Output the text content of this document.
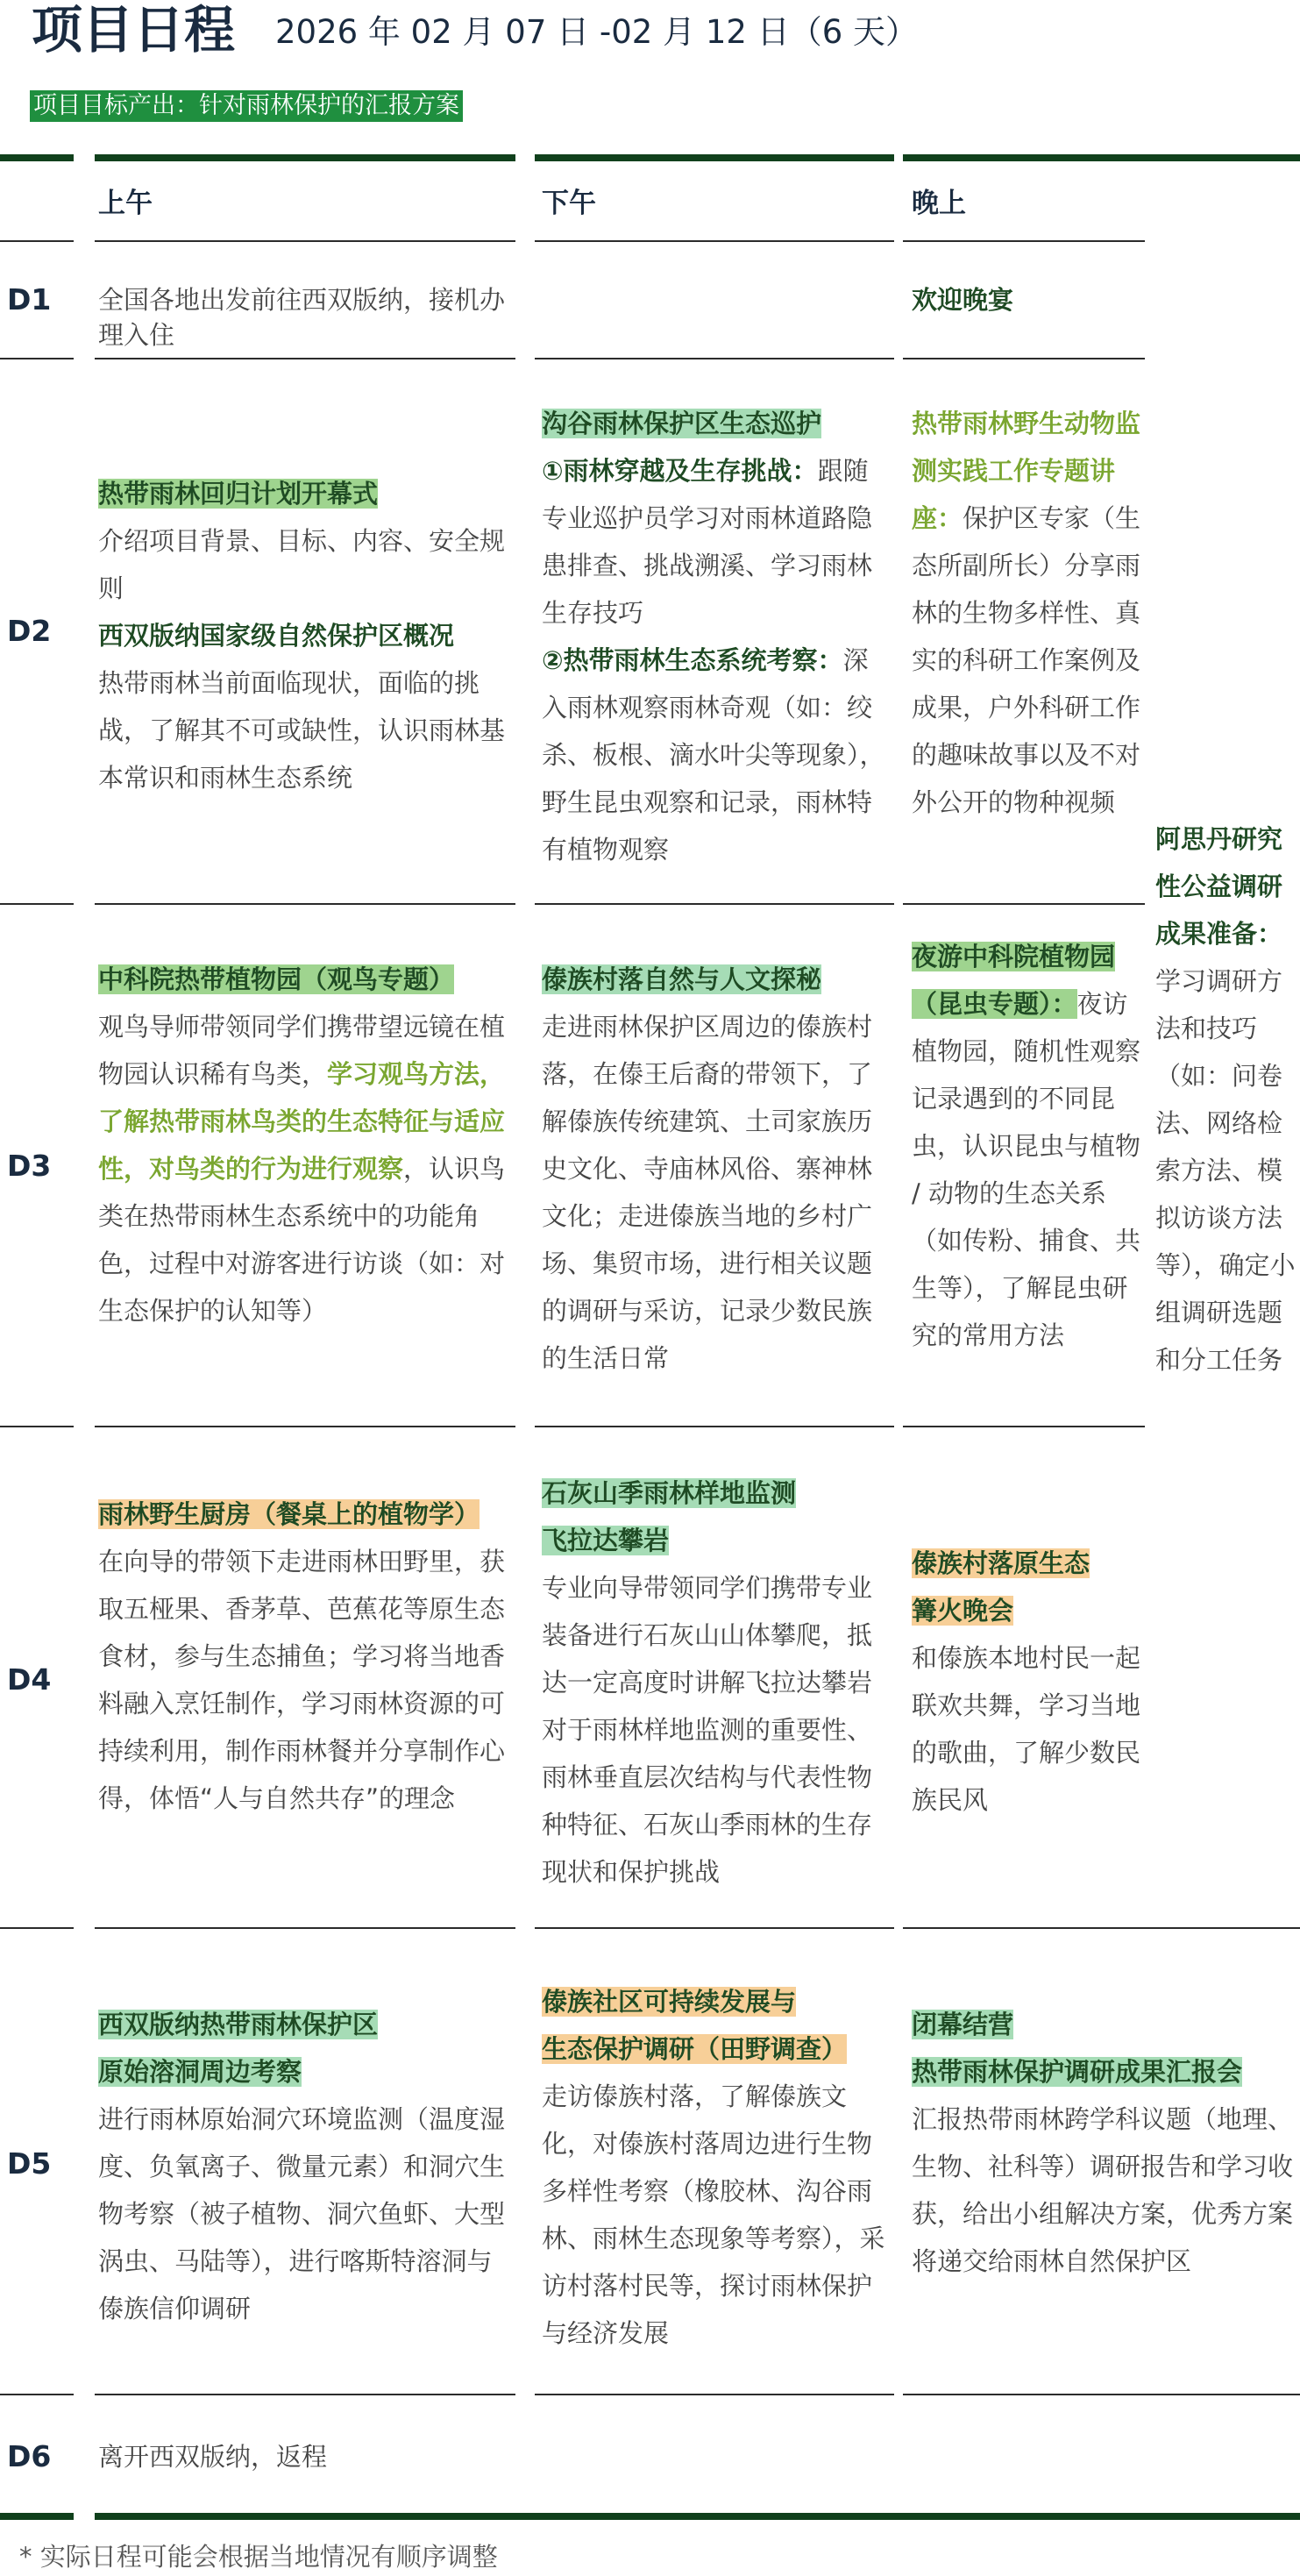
项目日程 2026 年 02 月 07 日 -02 月 12 日（6 天）
项目目标产出：针对雨林保护的汇报方案
上午	下午	晚上
D1 全国各地出发前往西双版纳，接机办理入住
欢迎晚宴
D2
热带雨林回归计划开幕式
介绍项目背景、目标、内容、安全规则
西双版纳国家级自然保护区概况
热带雨林当前面临现状，面临的挑战，了解其不可或缺性，认识雨林基本常识和雨林生态系统
沟谷雨林保护区生态巡护
①雨林穿越及生存挑战：跟随专业巡护员学习对雨林道路隐患排查、挑战溯溪、学习雨林生存技巧
②热带雨林生态系统考察：深入雨林观察雨林奇观（如：绞杀、板根、滴水叶尖等现象），野生昆虫观察和记录，雨林特有植物观察
热带雨林野生动物监测实践工作专题讲座：保护区专家（生态所副所长）分享雨林的生物多样性、真实的科研工作案例及成果，户外科研工作的趣味故事以及不对外公开的物种视频
阿思丹研究性公益调研成果准备：学习调研方法和技巧（如：问卷法、网络检索方法、模拟访谈方法等），确定小组调研选题和分工任务
D3
中科院热带植物园（观鸟专题）
观鸟导师带领同学们携带望远镜在植物园认识稀有鸟类，学习观鸟方法，了解热带雨林鸟类的生态特征与适应性，对鸟类的行为进行观察，认识鸟类在热带雨林生态系统中的功能角色，过程中对游客进行访谈（如：对生态保护的认知等）
傣族村落自然与人文探秘
走进雨林保护区周边的傣族村落，在傣王后裔的带领下，了解傣族传统建筑、土司家族历史文化、寺庙林风俗、寨神林文化；走进傣族当地的乡村广场、集贸市场，进行相关议题的调研与采访，记录少数民族的生活日常
夜游中科院植物园（昆虫专题）：夜访植物园，随机性观察记录遇到的不同昆虫，认识昆虫与植物 / 动物的生态关系（如传粉、捕食、共生等），了解昆虫研究的常用方法
D4
雨林野生厨房（餐桌上的植物学）
在向导的带领下走进雨林田野里，获取五桠果、香茅草、芭蕉花等原生态食材，参与生态捕鱼；学习将当地香料融入烹饪制作，学习雨林资源的可持续利用，制作雨林餐并分享制作心得，体悟“人与自然共存”的理念
石灰山季雨林样地监测
飞拉达攀岩
专业向导带领同学们携带专业装备进行石灰山山体攀爬，抵达一定高度时讲解飞拉达攀岩对于雨林样地监测的重要性、雨林垂直层次结构与代表性物种特征、石灰山季雨林的生存现状和保护挑战
傣族村落原生态
篝火晚会
和傣族本地村民一起联欢共舞，学习当地的歌曲，了解少数民族民风
D5
西双版纳热带雨林保护区
原始溶洞周边考察
进行雨林原始洞穴环境监测（温度湿度、负氧离子、微量元素）和洞穴生物考察（被子植物、洞穴鱼虾、大型涡虫、马陆等），进行喀斯特溶洞与傣族信仰调研
傣族社区可持续发展与
生态保护调研（田野调查）
走访傣族村落，了解傣族文化，对傣族村落周边进行生物多样性考察（橡胶林、沟谷雨林、雨林生态现象等考察），采访村落村民等，探讨雨林保护与经济发展
闭幕结营
热带雨林保护调研成果汇报会
汇报热带雨林跨学科议题（地理、生物、社科等）调研报告和学习收获，给出小组解决方案，优秀方案将递交给雨林自然保护区
D6 离开西双版纳，返程
* 实际日程可能会根据当地情况有顺序调整
